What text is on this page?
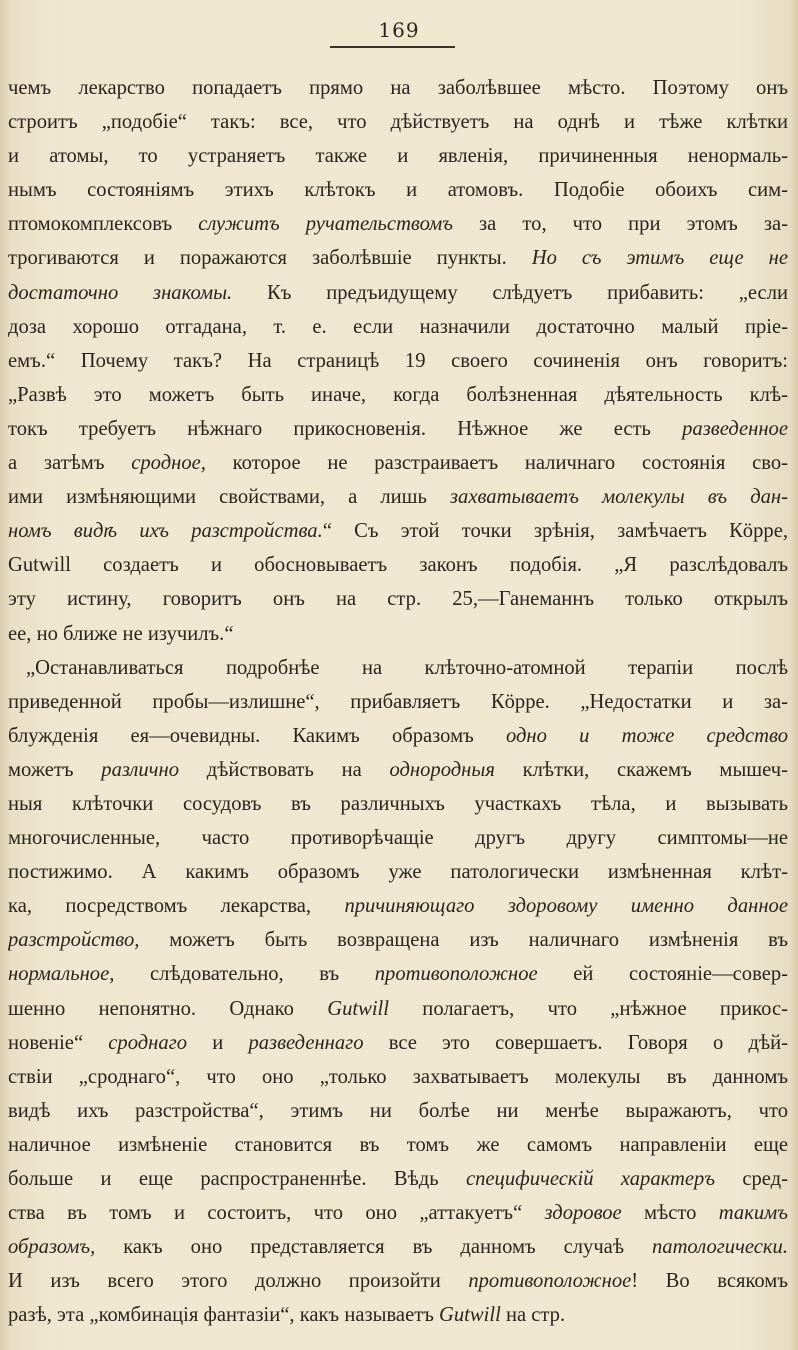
169
чемъ лекарство попадаетъ прямо на заболѣвшее мѣсто. Поэтому онъ
строитъ „подобіе“ такъ: все, что дѣйствуетъ на однѣ и тѣже клѣтки
и атомы, то устраняетъ также и явленія, причиненныя ненормаль-
нымъ состояніямъ этихъ клѣтокъ и атомовъ. Подобіе обоихъ сим-
птомокомплексовъ служитъ ручательствомъ за то, что при этомъ за-
трогиваются и поражаются заболѣвшіе пункты. Но съ этимъ еще не
достаточно знакомы. Къ предъидущему слѣдуетъ прибавить: „если
доза хорошо отгадана, т. е. если назначили достаточно малый пріе-
емъ.“ Почему такъ? На страницѣ 19 своего сочиненія онъ говоритъ:
„Развѣ это можетъ быть иначе, когда болѣзненная дѣятельность клѣ-
токъ требуетъ нѣжнаго прикосновенія. Нѣжное же есть разведенное
а затѣмъ сродное, которое не разстраиваетъ наличнаго состоянія сво-
ими измѣняющими свойствами, а лишь захватываетъ молекулы въ дан-
номъ видѣ ихъ разстройства.“ Съ этой точки зрѣнія, замѣчаетъ Кöрре,
Gutwill создаетъ и обосновываетъ законъ подобія. „Я разслѣдовалъ
эту истину, говоритъ онъ на стр. 25,—Ганеманнъ только открылъ
ее, но ближе не изучилъ.“
„Останавливаться подробнѣе на клѣточно-атомной терапіи послѣ
приведенной пробы—излишне“, прибавляетъ Кöрре. „Недостатки и за-
блужденія ея—очевидны. Какимъ образомъ одно и тоже средство
можетъ различно дѣйствовать на однородныя клѣтки, скажемъ мышеч-
ныя клѣточки сосудовъ въ различныхъ участкахъ тѣла, и вызывать
многочисленные, часто противорѣчащіе другъ другу симптомы—не
постижимо. А какимъ образомъ уже патологически измѣненная клѣт-
ка, посредствомъ лекарства, причиняющаго здоровому именно данное
разстройство, можетъ быть возвращена изъ наличнаго измѣненія въ
нормальное, слѣдовательно, въ противоположное ей состояніе—совер-
шенно непонятно. Однако Gutwill полагаетъ, что „нѣжное прикос-
новеніе“ сроднаго и разведеннаго все это совершаетъ. Говоря о дѣй-
ствіи „сроднаго“, что оно „только захватываетъ молекулы въ данномъ
видѣ ихъ разстройства“, этимъ ни болѣе ни менѣе выражаютъ, что
наличное измѣненіе становится въ томъ же самомъ направленіи еще
больше и еще распространеннѣе. Вѣдь специфическій характеръ сред-
ства въ томъ и состоитъ, что оно „аттакуетъ“ здоровое мѣсто такимъ
образомъ, какъ оно представляется въ данномъ случаѣ патологически.
И изъ всего этого должно произойти противоположное! Во всякомъ
разѣ, эта „комбинація фантазіи“, какъ называетъ Gutwill на стр.
